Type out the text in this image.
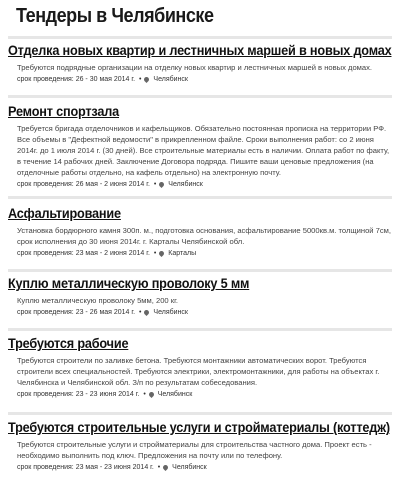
Тендеры в Челябинске
Отделка новых квартир и лестничных маршей в новых домах
Требуются подрядные организации на отделку новых квартир и лестничных маршей в новых домах.
срок проведения: 26 - 30 мая 2014 г. • Челябинск
Ремонт спортзала
Требуется бригада отделочников и кафельщиков. Обязательно постоянная прописка на территории РФ. Все объемы в "Дефектной ведомости" в прикрепленном файле. Сроки выполнения работ: со 2 июня 2014г. до 1 июля 2014 г. (30 дней). Все строительные материалы есть в наличии. Оплата работ по факту, в течение 14 рабочих дней. Заключение Договора подряда. Пишите ваши ценовые предложения (на отделочные работы отдельно, на кафель отдельно) на электронную почту.
срок проведения: 26 мая - 2 июня 2014 г. • Челябинск
Асфальтирование
Установка бордюрного камня 300п. м., подготовка основания, асфальтирование 5000кв.м. толщиной 7см, срок исполнения до 30 июня 2014г. г. Карталы Челябинской обл.
срок проведения: 23 мая - 2 июня 2014 г. • Карталы
Куплю металлическую проволоку 5 мм
Куплю металлическую проволоку 5мм, 200 кг.
срок проведения: 23 - 26 мая 2014 г. • Челябинск
Требуются рабочие
Требуются строители по заливке бетона. Требуются монтажники автоматических ворот. Требуются строители всех специальностей. Требуются электрики, электромонтажники, для работы на объектах г. Челябинска и Челябинской обл. З/п по результатам собеседования.
срок проведения: 23 - 23 июня 2014 г. • Челябинск
Требуются строительные услуги и стройматериалы (коттедж)
Требуются строительные услуги и стройматериалы для строительства частного дома. Проект есть - необходимо выполнить под ключ. Предложения на почту или по телефону.
срок проведения: 23 мая - 23 июня 2014 г. • Челябинск
